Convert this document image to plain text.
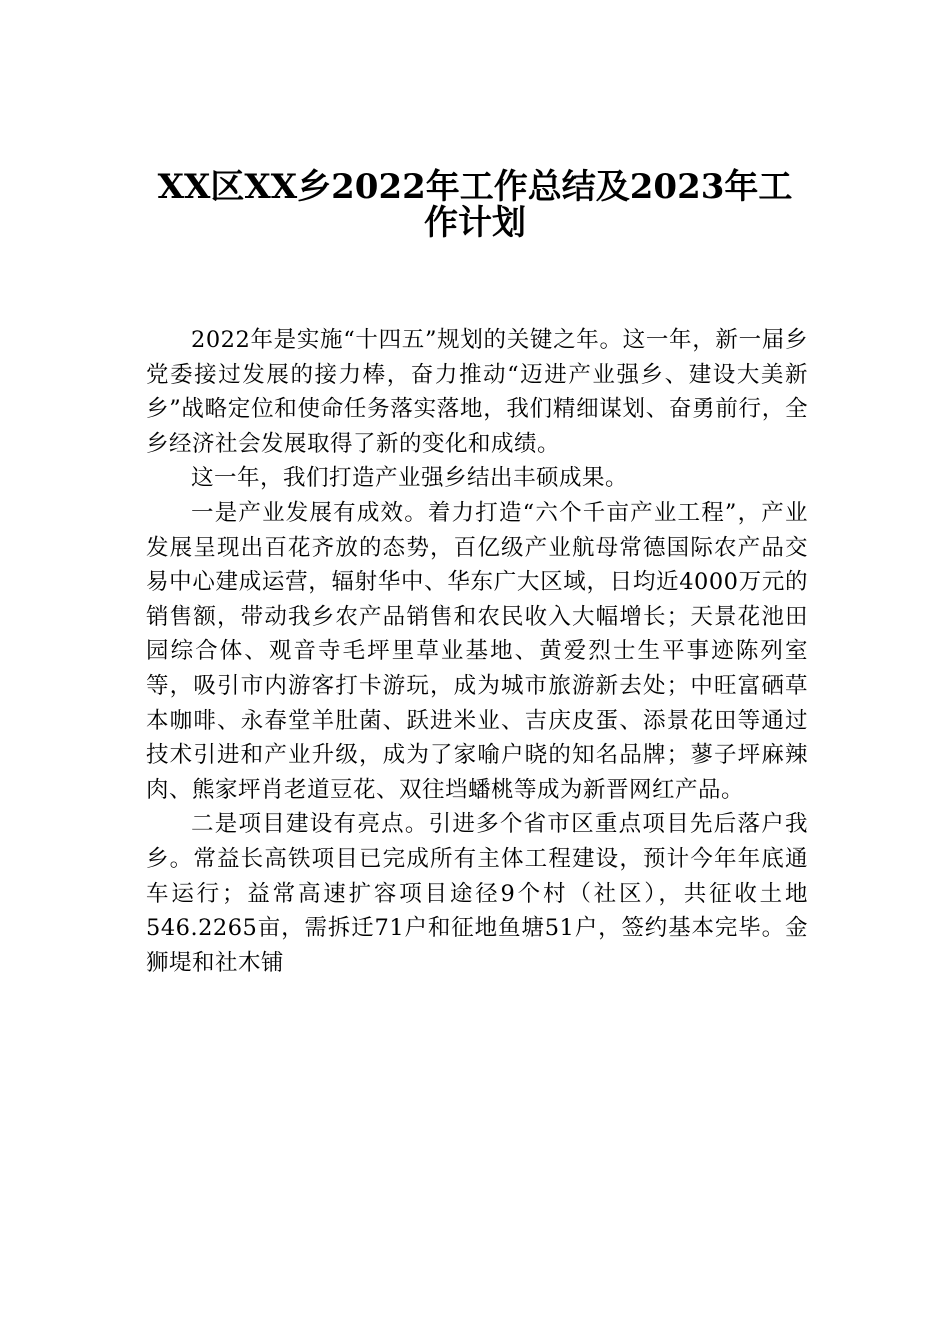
XX区XX乡2022年工作总结及2023年工
作计划

2022年是实施“十四五”规划的关键之年。这一年，新一届乡党委接过发展的接力棒，奋力推动“迈进产业强乡、建设大美新乡”战略定位和使命任务落实落地，我们精细谋划、奋勇前行，全乡经济社会发展取得了新的变化和成绩。

这一年，我们打造产业强乡结出丰硕成果。

一是产业发展有成效。着力打造“六个千亩产业工程”，产业发展呈现出百花齐放的态势，百亿级产业航母常德国际农产品交易中心建成运营，辐射华中、华东广大区域，日均近4000万元的销售额，带动我乡农产品销售和农民收入大幅增长；天景花池田园综合体、观音寺毛坪里草业基地、黄爱烈士生平事迹陈列室等，吸引市内游客打卡游玩，成为城市旅游新去处；中旺富硒草本咖啡、永春堂羊肚菌、跃进米业、吉庆皮蛋、添景花田等通过技术引进和产业升级，成为了家喻户晓的知名品牌；蓼子坪麻辣肉、熊家坪肖老道豆花、双往垱蟠桃等成为新晋网红产品。

二是项目建设有亮点。引进多个省市区重点项目先后落户我乡。常益长高铁项目已完成所有主体工程建设，预计今年年底通车运行；益常高速扩容项目途径9个村（社区），共征收土地546.2265亩，需拆迁71户和征地鱼塘51户，签约基本完毕。金狮堤和社木铺
